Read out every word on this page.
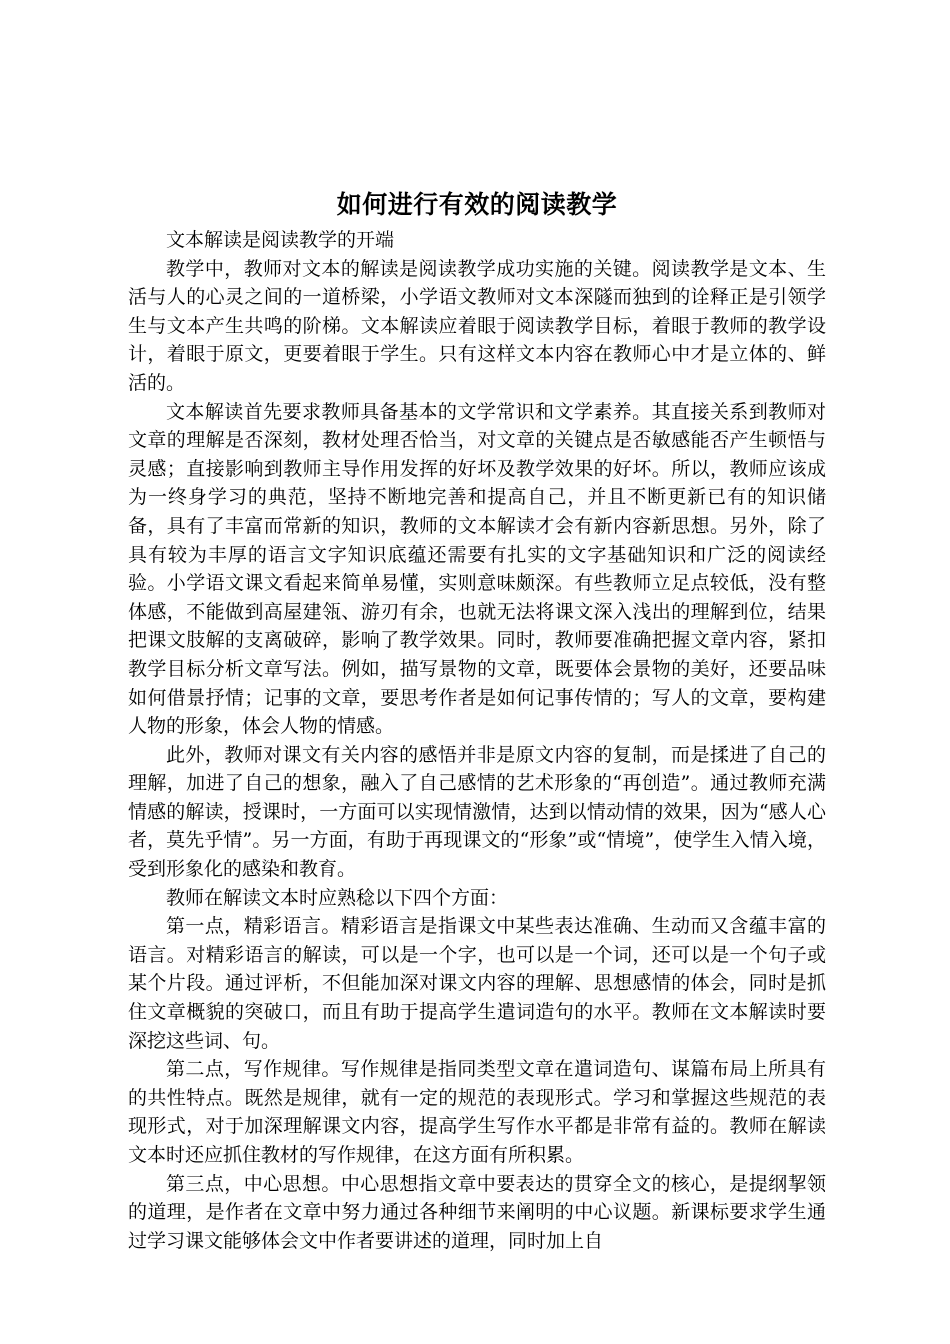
如何进行有效的阅读教学

文本解读是阅读教学的开端

教学中，教师对文本的解读是阅读教学成功实施的关键。阅读教学是文本、生活与人的心灵之间的一道桥梁，小学语文教师对文本深隧而独到的诠释正是引领学生与文本产生共鸣的阶梯。文本解读应着眼于阅读教学目标，着眼于教师的教学设计，着眼于原文，更要着眼于学生。只有这样文本内容在教师心中才是立体的、鲜活的。

文本解读首先要求教师具备基本的文学常识和文学素养。其直接关系到教师对文章的理解是否深刻，教材处理否恰当，对文章的关键点是否敏感能否产生顿悟与灵感；直接影响到教师主导作用发挥的好坏及教学效果的好坏。所以，教师应该成为一终身学习的典范，坚持不断地完善和提高自己，并且不断更新已有的知识储备，具有了丰富而常新的知识，教师的文本解读才会有新内容新思想。另外，除了具有较为丰厚的语言文字知识底蕴还需要有扎实的文字基础知识和广泛的阅读经验。小学语文课文看起来简单易懂，实则意味颇深。有些教师立足点较低，没有整体感，不能做到高屋建瓴、游刃有余，也就无法将课文深入浅出的理解到位，结果把课文肢解的支离破碎，影响了教学效果。同时，教师要准确把握文章内容，紧扣教学目标分析文章写法。例如，描写景物的文章，既要体会景物的美好，还要品味如何借景抒情；记事的文章，要思考作者是如何记事传情的；写人的文章，要构建人物的形象，体会人物的情感。

此外，教师对课文有关内容的感悟并非是原文内容的复制，而是揉进了自己的理解，加进了自己的想象，融入了自己感情的艺术形象的“再创造”。通过教师充满情感的解读，授课时，一方面可以实现情激情，达到以情动情的效果，因为“感人心者，莫先乎情”。另一方面，有助于再现课文的“形象”或“情境”，使学生入情入境，受到形象化的感染和教育。

教师在解读文本时应熟稔以下四个方面：

第一点，精彩语言。精彩语言是指课文中某些表达准确、生动而又含蕴丰富的语言。对精彩语言的解读，可以是一个字，也可以是一个词，还可以是一个句子或某个片段。通过评析，不但能加深对课文内容的理解、思想感情的体会，同时是抓住文章概貌的突破口，而且有助于提高学生遣词造句的水平。教师在文本解读时要深挖这些词、句。

第二点，写作规律。写作规律是指同类型文章在遣词造句、谋篇布局上所具有的共性特点。既然是规律，就有一定的规范的表现形式。学习和掌握这些规范的表现形式，对于加深理解课文内容，提高学生写作水平都是非常有益的。教师在解读文本时还应抓住教材的写作规律，在这方面有所积累。

第三点，中心思想。中心思想指文章中要表达的贯穿全文的核心，是提纲挈领的道理，是作者在文章中努力通过各种细节来阐明的中心议题。新课标要求学生通过学习课文能够体会文中作者要讲述的道理，同时加上自
